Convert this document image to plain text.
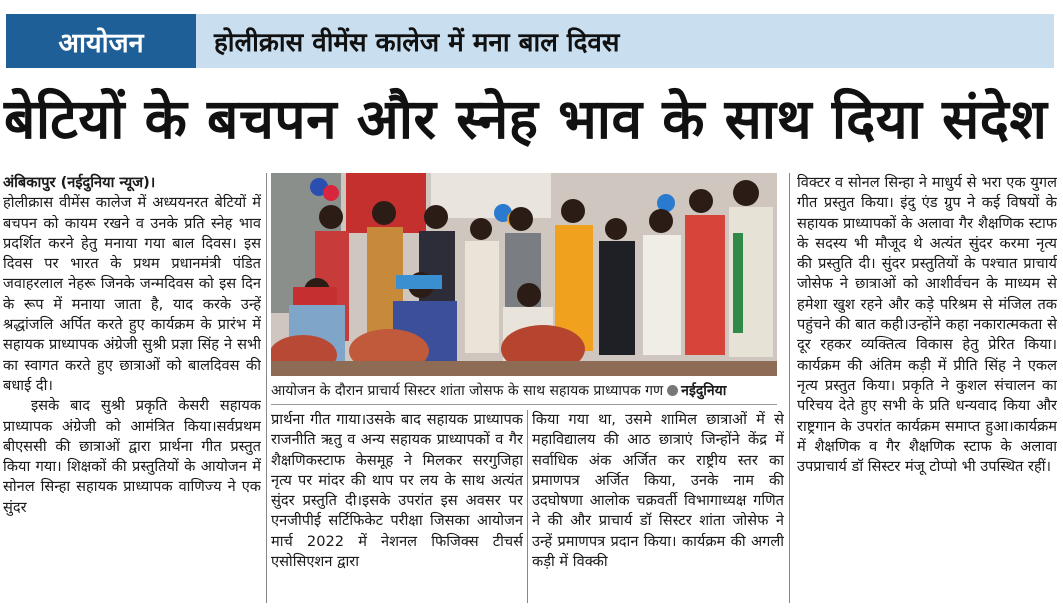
आयोजन	होलीक्रास वीमेंस कालेज में मना बाल दिवस
बेटियों के बचपन और स्नेह भाव के साथ दिया संदेश

अंबिकापुर (नईदुनिया न्यूज)।
होलीक्रास वीमेंस कालेज में अध्ययनरत बेटियों में बचपन को कायम रखने व उनके प्रति स्नेह भाव प्रदर्शित करने हेतु मनाया गया बाल दिवस। इस दिवस पर भारत के प्रथम प्रधानमंत्री पंडित जवाहरलाल नेहरू जिनके जन्मदिवस को इस दिन के रूप में मनाया जाता है, याद करके उन्हें श्रद्धांजलि अर्पित करते हुए कार्यक्रम के प्रारंभ में सहायक प्राध्यापक अंग्रेजी सुश्री प्रज्ञा सिंह ने सभी का स्वागत करते हुए छात्राओं को बालदिवस की बधाई दी।

इसके बाद सुश्री प्रकृति केसरी सहायक प्राध्यापक अंग्रेजी को आमंत्रित किया।सर्वप्रथम बीएससी की छात्राओं द्वारा प्रार्थना गीत प्रस्तुत किया गया। शिक्षकों की प्रस्तुतियों के आयोजन में सोनल सिन्हा सहायक प्राध्यापक वाणिज्य ने एक सुंदर

आयोजन के दौरान प्राचार्य सिस्टर शांता जोसफ के साथ सहायक प्राध्यापक गण नईदुनिया

प्रार्थना गीत गाया।उसके बाद सहायक प्राध्यापक राजनीति ऋतु व अन्य सहायक प्राध्यापकों व गैर शैक्षणिकस्टाफ केसमूह ने मिलकर सरगुजिहा नृत्य पर मांदर की थाप पर लय के साथ अत्यंत सुंदर प्रस्तुति दी।इसके उपरांत इस अवसर पर एनजीपीई सर्टिफिकेट परीक्षा जिसका आयोजन मार्च 2022 में नेशनल फिजिक्स टीचर्स एसोसिएशन द्वारा

किया गया था, उसमे शामिल छात्राओं में से महाविद्यालय की आठ छात्राएं जिन्होंने केंद्र में सर्वाधिक अंक अर्जित कर राष्ट्रीय स्तर का प्रमाणपत्र अर्जित किया, उनके नाम की उदघोषणा आलोक चक्रवर्ती विभागाध्यक्ष गणित ने की और प्राचार्य डॉ सिस्टर शांता जोसेफ ने उन्हें प्रमाणपत्र प्रदान किया। कार्यक्रम की अगली कड़ी में विक्की

विक्टर व सोनल सिन्हा ने माधुर्य से भरा एक युगल गीत प्रस्तुत किया। इंदु एंड ग्रुप ने कई विषयों के सहायक प्राध्यापकों के अलावा गैर शैक्षणिक स्टाफ के सदस्य भी मौजूद थे अत्यंत सुंदर करमा नृत्य की प्रस्तुति दी। सुंदर प्रस्तुतियों के पश्चात प्राचार्य जोसेफ ने छात्राओं को आशीर्वचन के माध्यम से हमेशा खुश रहने और कड़े परिश्रम से मंजिल तक पहुंचने की बात कही।उन्होंने कहा नकारात्मकता से दूर रहकर व्यक्तित्व विकास हेतु प्रेरित किया। कार्यक्रम की अंतिम कड़ी में प्रीति सिंह ने एकल नृत्य प्रस्तुत किया। प्रकृति ने कुशल संचालन का परिचय देते हुए सभी के प्रति धन्यवाद किया और राष्ट्रगान के उपरांत कार्यक्रम समाप्त हुआ।कार्यक्रम में शैक्षणिक व गैर शैक्षणिक स्टाफ के अलावा उपप्राचार्य डॉ सिस्टर मंजू टोप्पो भी उपस्थित रहीं।
